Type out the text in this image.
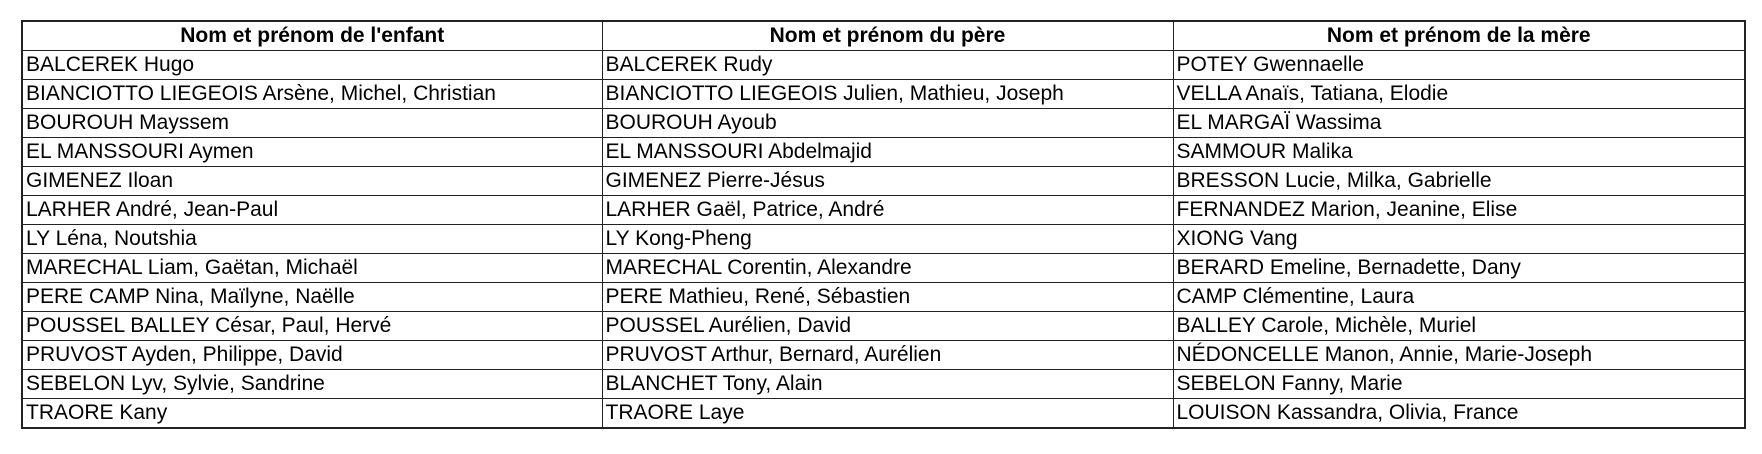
Nom et prénom de l'enfant	Nom et prénom du père	Nom et prénom de la mère
BALCEREK Hugo	BALCEREK Rudy	POTEY Gwennaelle
BIANCIOTTO LIEGEOIS Arsène, Michel, Christian	BIANCIOTTO LIEGEOIS Julien, Mathieu, Joseph	VELLA Anaïs, Tatiana, Elodie
BOUROUH Mayssem	BOUROUH Ayoub	EL MARGAÏ Wassima
EL MANSSOURI Aymen	EL MANSSOURI Abdelmajid	SAMMOUR Malika
GIMENEZ Iloan	GIMENEZ Pierre-Jésus	BRESSON Lucie, Milka, Gabrielle
LARHER André, Jean-Paul	LARHER Gaël, Patrice, André	FERNANDEZ Marion, Jeanine, Elise
LY Léna, Noutshia	LY Kong-Pheng	XIONG Vang
MARECHAL Liam, Gaëtan, Michaël	MARECHAL Corentin, Alexandre	BERARD Emeline, Bernadette, Dany
PERE CAMP Nina, Maïlyne, Naëlle	PERE Mathieu, René, Sébastien	CAMP Clémentine, Laura
POUSSEL BALLEY César, Paul, Hervé	POUSSEL Aurélien, David	BALLEY Carole, Michèle, Muriel
PRUVOST Ayden, Philippe, David	PRUVOST Arthur, Bernard, Aurélien	NÉDONCELLE Manon, Annie, Marie-Joseph
SEBELON Lyv, Sylvie, Sandrine	BLANCHET Tony, Alain	SEBELON Fanny, Marie
TRAORE Kany	TRAORE Laye	LOUISON Kassandra, Olivia, France
